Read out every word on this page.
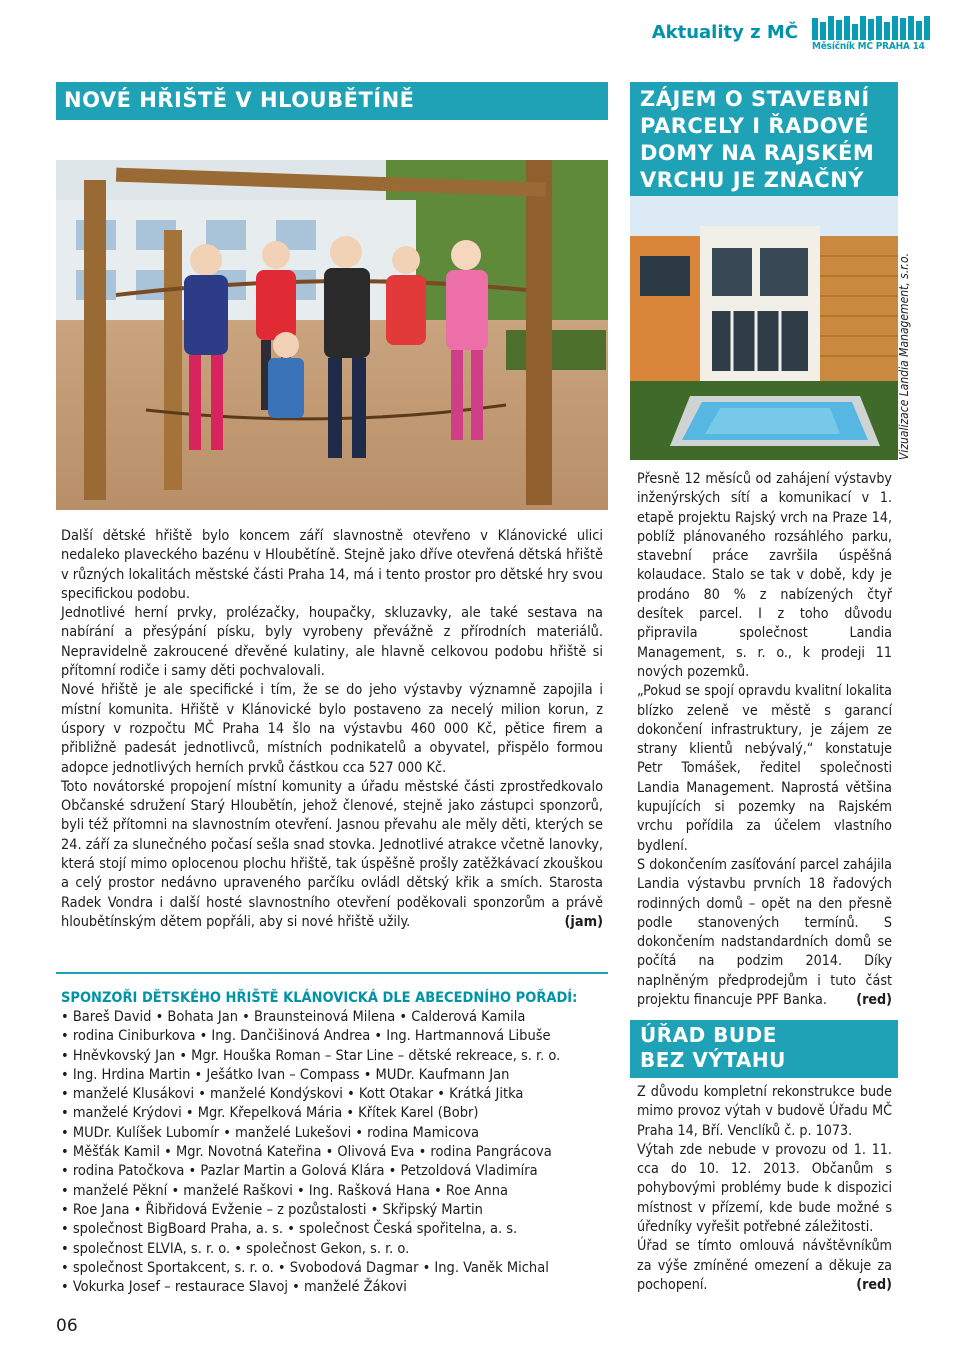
Aktuality z MČ
Měsíčník MČ PRAHA 14
NOVÉ HŘIŠTĚ V HLOUBĚTÍNĚ

Další dětské hřiště bylo koncem září slavnostně otevřeno v Klánovické ulici nedaleko plaveckého bazénu v Hloubětíně. Stejně jako dříve otevřená dětská hřiště v různých lokalitách městské části Praha 14, má i tento prostor pro dětské hry svou specifickou podobu.

Jednotlivé herní prvky, prolézačky, houpačky, skluzavky, ale také sestava na nabírání a přesýpání písku, byly vyrobeny převážně z přírodních materiálů. Nepravidelně zakroucené dřevěné kulatiny, ale hlavně celkovou podobu hřiště si přítomní rodiče i samy děti pochvalovali.

Nové hřiště je ale specifické i tím, že se do jeho výstavby významně zapojila i místní komunita. Hřiště v Klánovické bylo postaveno za necelý milion korun, z úspory v rozpočtu MČ Praha 14 šlo na výstavbu 460 000 Kč, pětice firem a přibližně padesát jednotlivců, místních podnikatelů a obyvatel, přispělo formou adopce jednotlivých herních prvků částkou cca 527 000 Kč.

Toto novátorské propojení místní komunity a úřadu městské části zprostředkovalo Občanské sdružení Starý Hloubětín, jehož členové, stejně jako zástupci sponzorů, byli též přítomni na slavnostním otevření. Jasnou převahu ale měly děti, kterých se 24. září za slunečného počasí sešla snad stovka. Jednotlivé atrakce včetně lanovky, která stojí mimo oplocenou plochu hřiště, tak úspěšně prošly zatěžkávací zkouškou a celý prostor nedávno upraveného parčíku ovládl dětský křik a smích. Starosta Radek Vondra i další hosté slavnostního otevření poděkovali sponzorům a právě hloubětínským dětem popřáli, aby si nové hřiště užily.	(jam)

SPONZOŘI DĚTSKÉHO HŘIŠTĚ KLÁNOVICKÁ DLE ABECEDNÍHO POŘADÍ:
• Bareš David • Bohata Jan • Braunsteinová Milena • Calderová Kamila
• rodina Ciniburkova • Ing. Dančišinová Andrea • Ing. Hartmannová Libuše
• Hněvkovský Jan • Mgr. Houška Roman – Star Line – dětské rekreace, s. r. o.
• Ing. Hrdina Martin • Ješátko Ivan – Compass • MUDr. Kaufmann Jan
• manželé Klusákovi • manželé Kondýskovi • Kott Otakar • Krátká Jitka
• manželé Krýdovi • Mgr. Křepelková Mária • Křítek Karel (Bobr)
• MUDr. Kulíšek Lubomír • manželé Lukešovi • rodina Mamicova
• Měšťák Kamil • Mgr. Novotná Kateřina • Olivová Eva • rodina Pangrácova
• rodina Patočkova • Pazlar Martin a Golová Klára • Petzoldová Vladimíra
• manželé Pěkní • manželé Raškovi • Ing. Rašková Hana • Roe Anna
• Roe Jana • Řibřidová Evženie – z pozůstalosti • Skřipský Martin
• společnost BigBoard Praha, a. s. • společnost Česká spořitelna, a. s.
• společnost ELVIA, s. r. o. • společnost Gekon, s. r. o.
• společnost Sportakcent, s. r. o. • Svobodová Dagmar • Ing. Vaněk Michal
• Vokurka Josef – restaurace Slavoj • manželé Žákovi
ZÁJEM O STAVEBNÍ PARCELY I ŘADOVÉ DOMY NA RAJSKÉM VRCHU JE ZNAČNÝ
Vizualizace Landia Management, s.r.o.

Přesně 12 měsíců od zahájení výstavby inženýrských sítí a komunikací v 1. etapě projektu Rajský vrch na Praze 14, poblíž plánovaného rozsáhlého parku, stavební práce završila úspěšná kolaudace. Stalo se tak v době, kdy je prodáno 80 % z nabízených čtyř desítek parcel. I z toho důvodu připravila společnost Landia Management, s. r. o., k prodeji 11 nových pozemků.

„Pokud se spojí opravdu kvalitní lokalita blízko zeleně ve městě s garancí dokončení infrastruktury, je zájem ze strany klientů nebývalý,“ konstatuje Petr Tomášek, ředitel společnosti Landia Management. Naprostá většina kupujících si pozemky na Rajském vrchu pořídila za účelem vlastního bydlení.

S dokončením zasíťování parcel zahájila Landia výstavbu prvních 18 řadových rodinných domů – opět na den přesně podle stanovených termínů. S dokončením nadstandardních domů se počítá na podzim 2014. Díky naplněným předprodejům i tuto část projektu financuje PPF Banka. (red)

ÚŘAD BUDE
BEZ VÝTAHU

Z důvodu kompletní rekonstrukce bude mimo provoz výtah v budově Úřadu MČ Praha 14, Bří. Venclíků č. p. 1073.

Výtah zde nebude v provozu od 1. 11. cca do 10. 12. 2013. Občanům s pohybovými problémy bude k dispozici místnost v přízemí, kde bude možné s úředníky vyřešit potřebné záležitosti.

Úřad se tímto omlouvá návštěvníkům za výše zmíněné omezení a děkuje za pochopení.	(red)

06
